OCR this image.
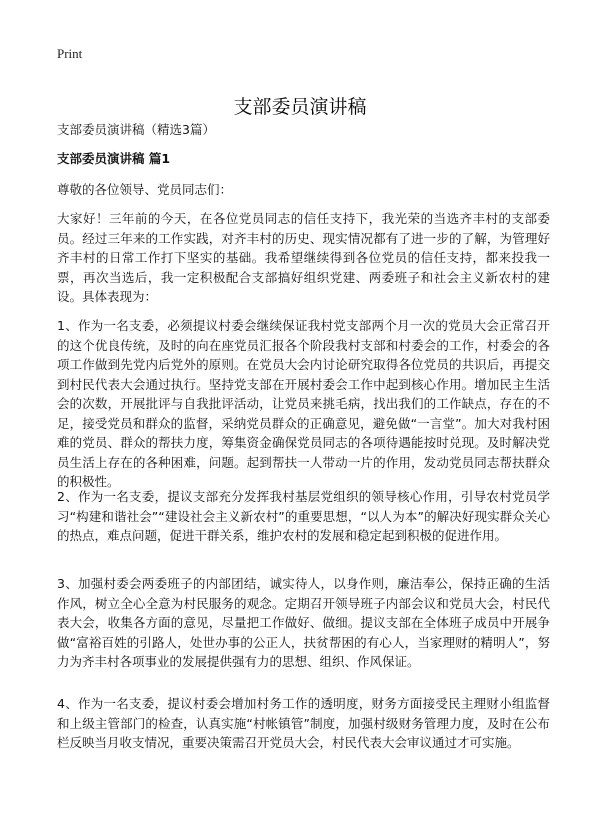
Print
支部委员演讲稿
支部委员演讲稿（精选3篇）
支部委员演讲稿 篇1
尊敬的各位领导、党员同志们：

大家好！三年前的今天，在各位党员同志的信任支持下，我光荣的当选齐丰村的支部委员。经过三年来的工作实践，对齐丰村的历史、现实情况都有了进一步的了解，为管理好齐丰村的日常工作打下坚实的基础。我希望继续得到各位党员的信任支持，都来投我一票，再次当选后，我一定积极配合支部搞好组织党建、两委班子和社会主义新农村的建设。具体表现为：

1、作为一名支委，必须提议村委会继续保证我村党支部两个月一次的党员大会正常召开的这个优良传统，及时的向在座党员汇报各个阶段我村支部和村委会的工作，村委会的各项工作做到先党内后党外的原则。在党员大会内讨论研究取得各位党员的共识后，再提交到村民代表大会通过执行。坚持党支部在开展村委会工作中起到核心作用。增加民主生活会的次数，开展批评与自我批评活动，让党员来挑毛病，找出我们的工作缺点，存在的不足，接受党员和群众的监督，采纳党员群众的正确意见，避免做“一言堂”。加大对我村困难的党员、群众的帮扶力度，筹集资金确保党员同志的各项待遇能按时兑现。及时解决党员生活上存在的各种困难，问题。起到帮扶一人带动一片的作用，发动党员同志帮扶群众的积极性。

2、作为一名支委，提议支部充分发挥我村基层党组织的领导核心作用，引导农村党员学习“构建和谐社会”“建设社会主义新农村”的重要思想，“以人为本”的解决好现实群众关心的热点，难点问题，促进干群关系，维护农村的发展和稳定起到积极的促进作用。

3、加强村委会两委班子的内部团结，诚实待人，以身作则，廉洁奉公，保持正确的生活作风，树立全心全意为村民服务的观念。定期召开领导班子内部会议和党员大会，村民代表大会，收集各方面的意见，尽量把工作做好、做细。提议支部在全体班子成员中开展争做“富裕百姓的引路人，处世办事的公正人，扶贫帮困的有心人，当家理财的精明人”，努力为齐丰村各项事业的发展提供强有力的思想、组织、作风保证。

4、作为一名支委，提议村委会增加村务工作的透明度，财务方面接受民主理财小组监督和上级主管部门的检查，认真实施“村帐镇管”制度，加强村级财务管理力度，及时在公布栏反映当月收支情况，重要决策需召开党员大会，村民代表大会审议通过才可实施。
